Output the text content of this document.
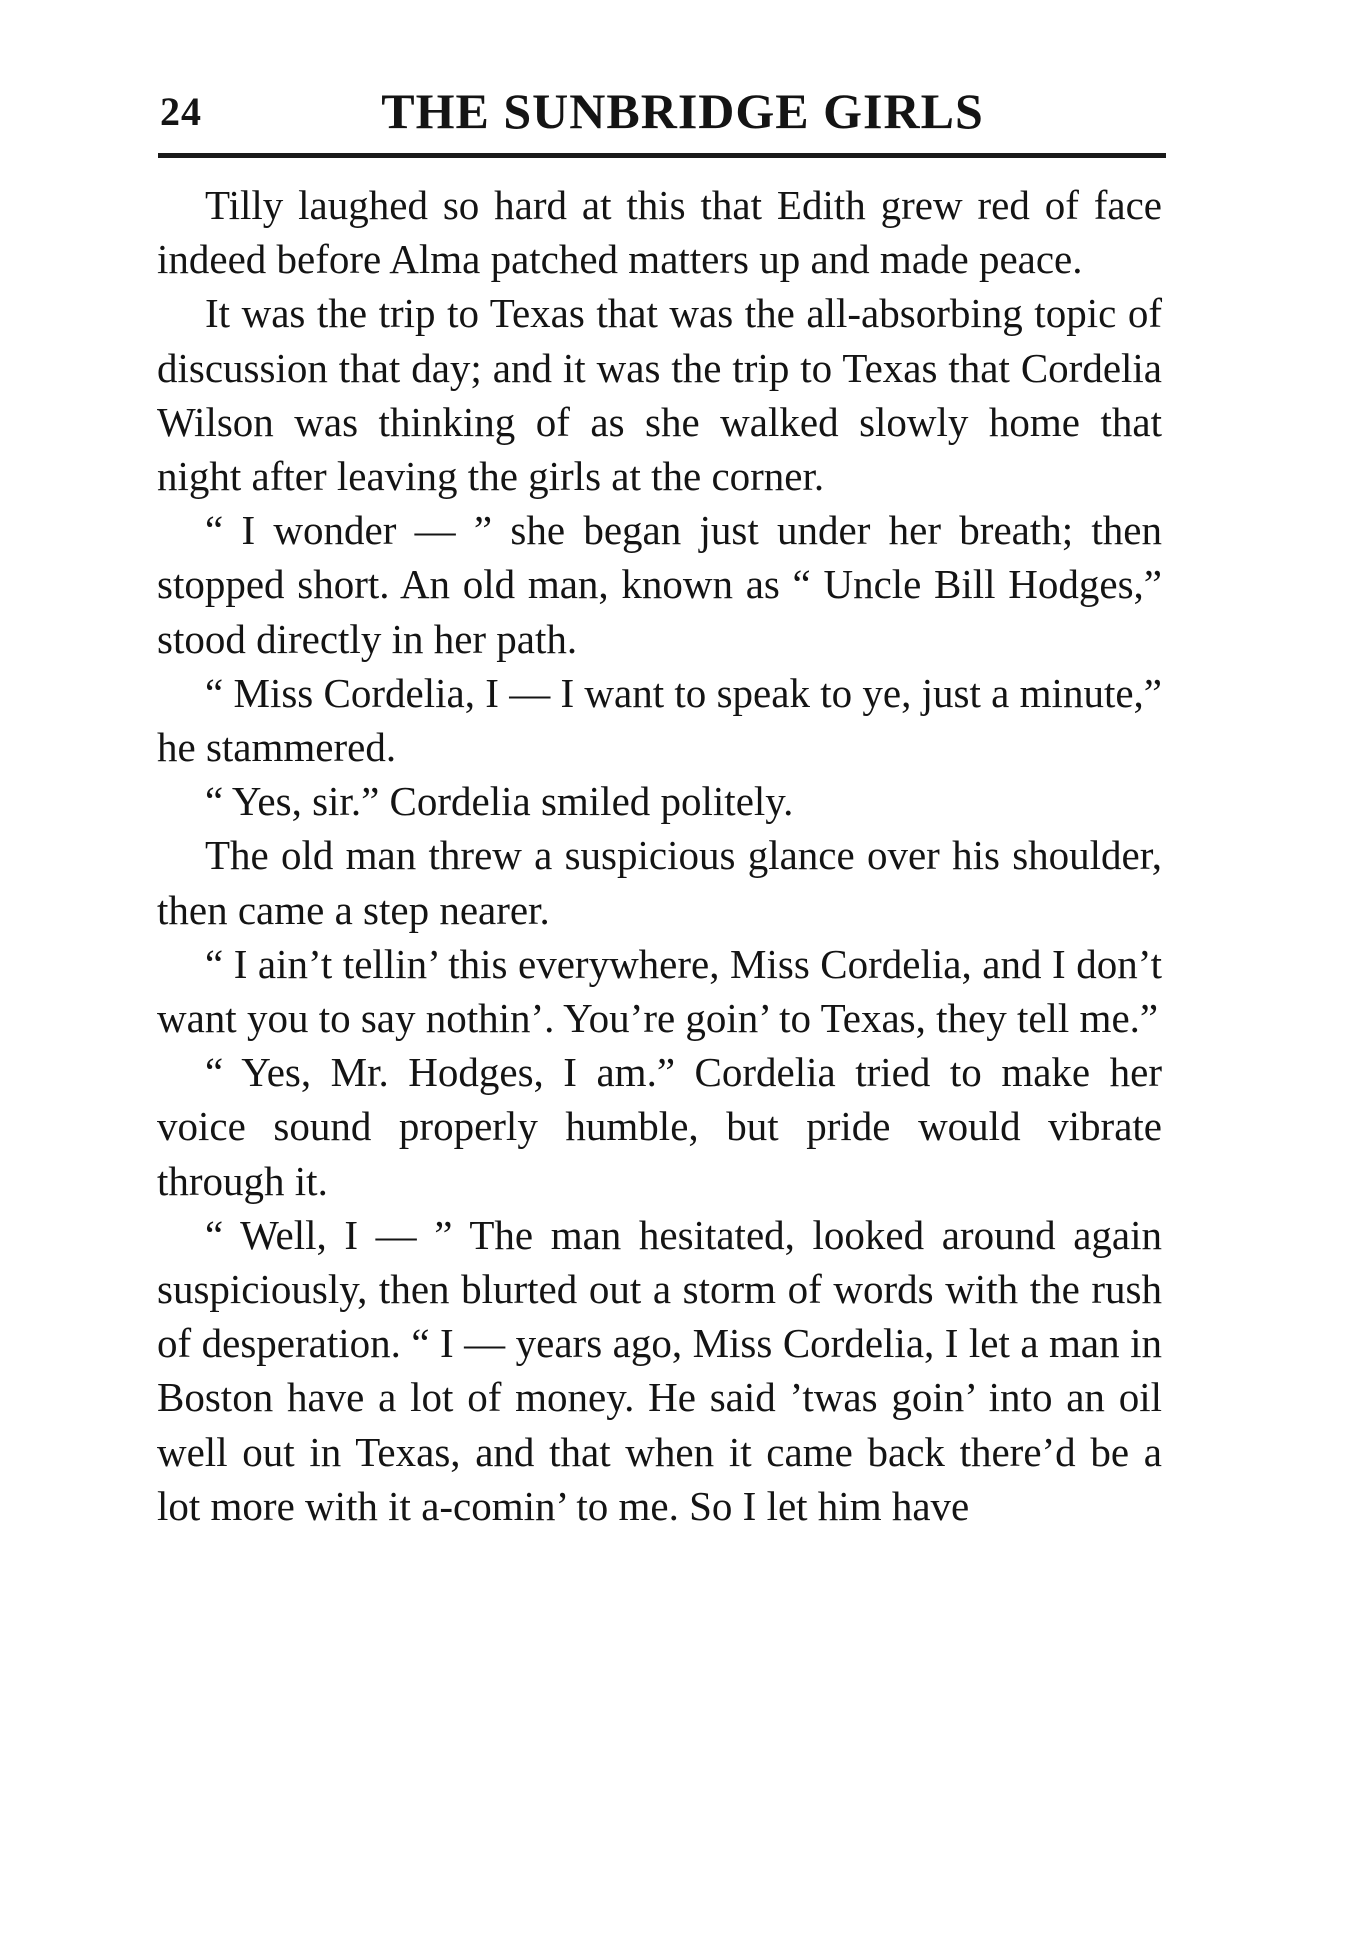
24	THE SUNBRIDGE GIRLS

Tilly laughed so hard at this that Edith grew red of face indeed before Alma patched matters up and made peace.

It was the trip to Texas that was the all-absorbing topic of discussion that day; and it was the trip to Texas that Cordelia Wilson was thinking of as she walked slowly home that night after leaving the girls at the corner.

“ I wonder — ” she began just under her breath; then stopped short. An old man, known as “ Uncle Bill Hodges,” stood directly in her path.

“ Miss Cordelia, I — I want to speak to ye, just a minute,” he stammered.

“ Yes, sir.” Cordelia smiled politely.

The old man threw a suspicious glance over his shoulder, then came a step nearer.

“ I ain’t tellin’ this everywhere, Miss Cordelia, and I don’t want you to say nothin’. You’re goin’ to Texas, they tell me.”

“ Yes, Mr. Hodges, I am.” Cordelia tried to make her voice sound properly humble, but pride would vibrate through it.

“ Well, I — ” The man hesitated, looked around again suspiciously, then blurted out a storm of words with the rush of desperation. “ I — years ago, Miss Cordelia, I let a man in Boston have a lot of money. He said ’twas goin’ into an oil well out in Texas, and that when it came back there’d be a lot more with it a-comin’ to me. So I let him have
